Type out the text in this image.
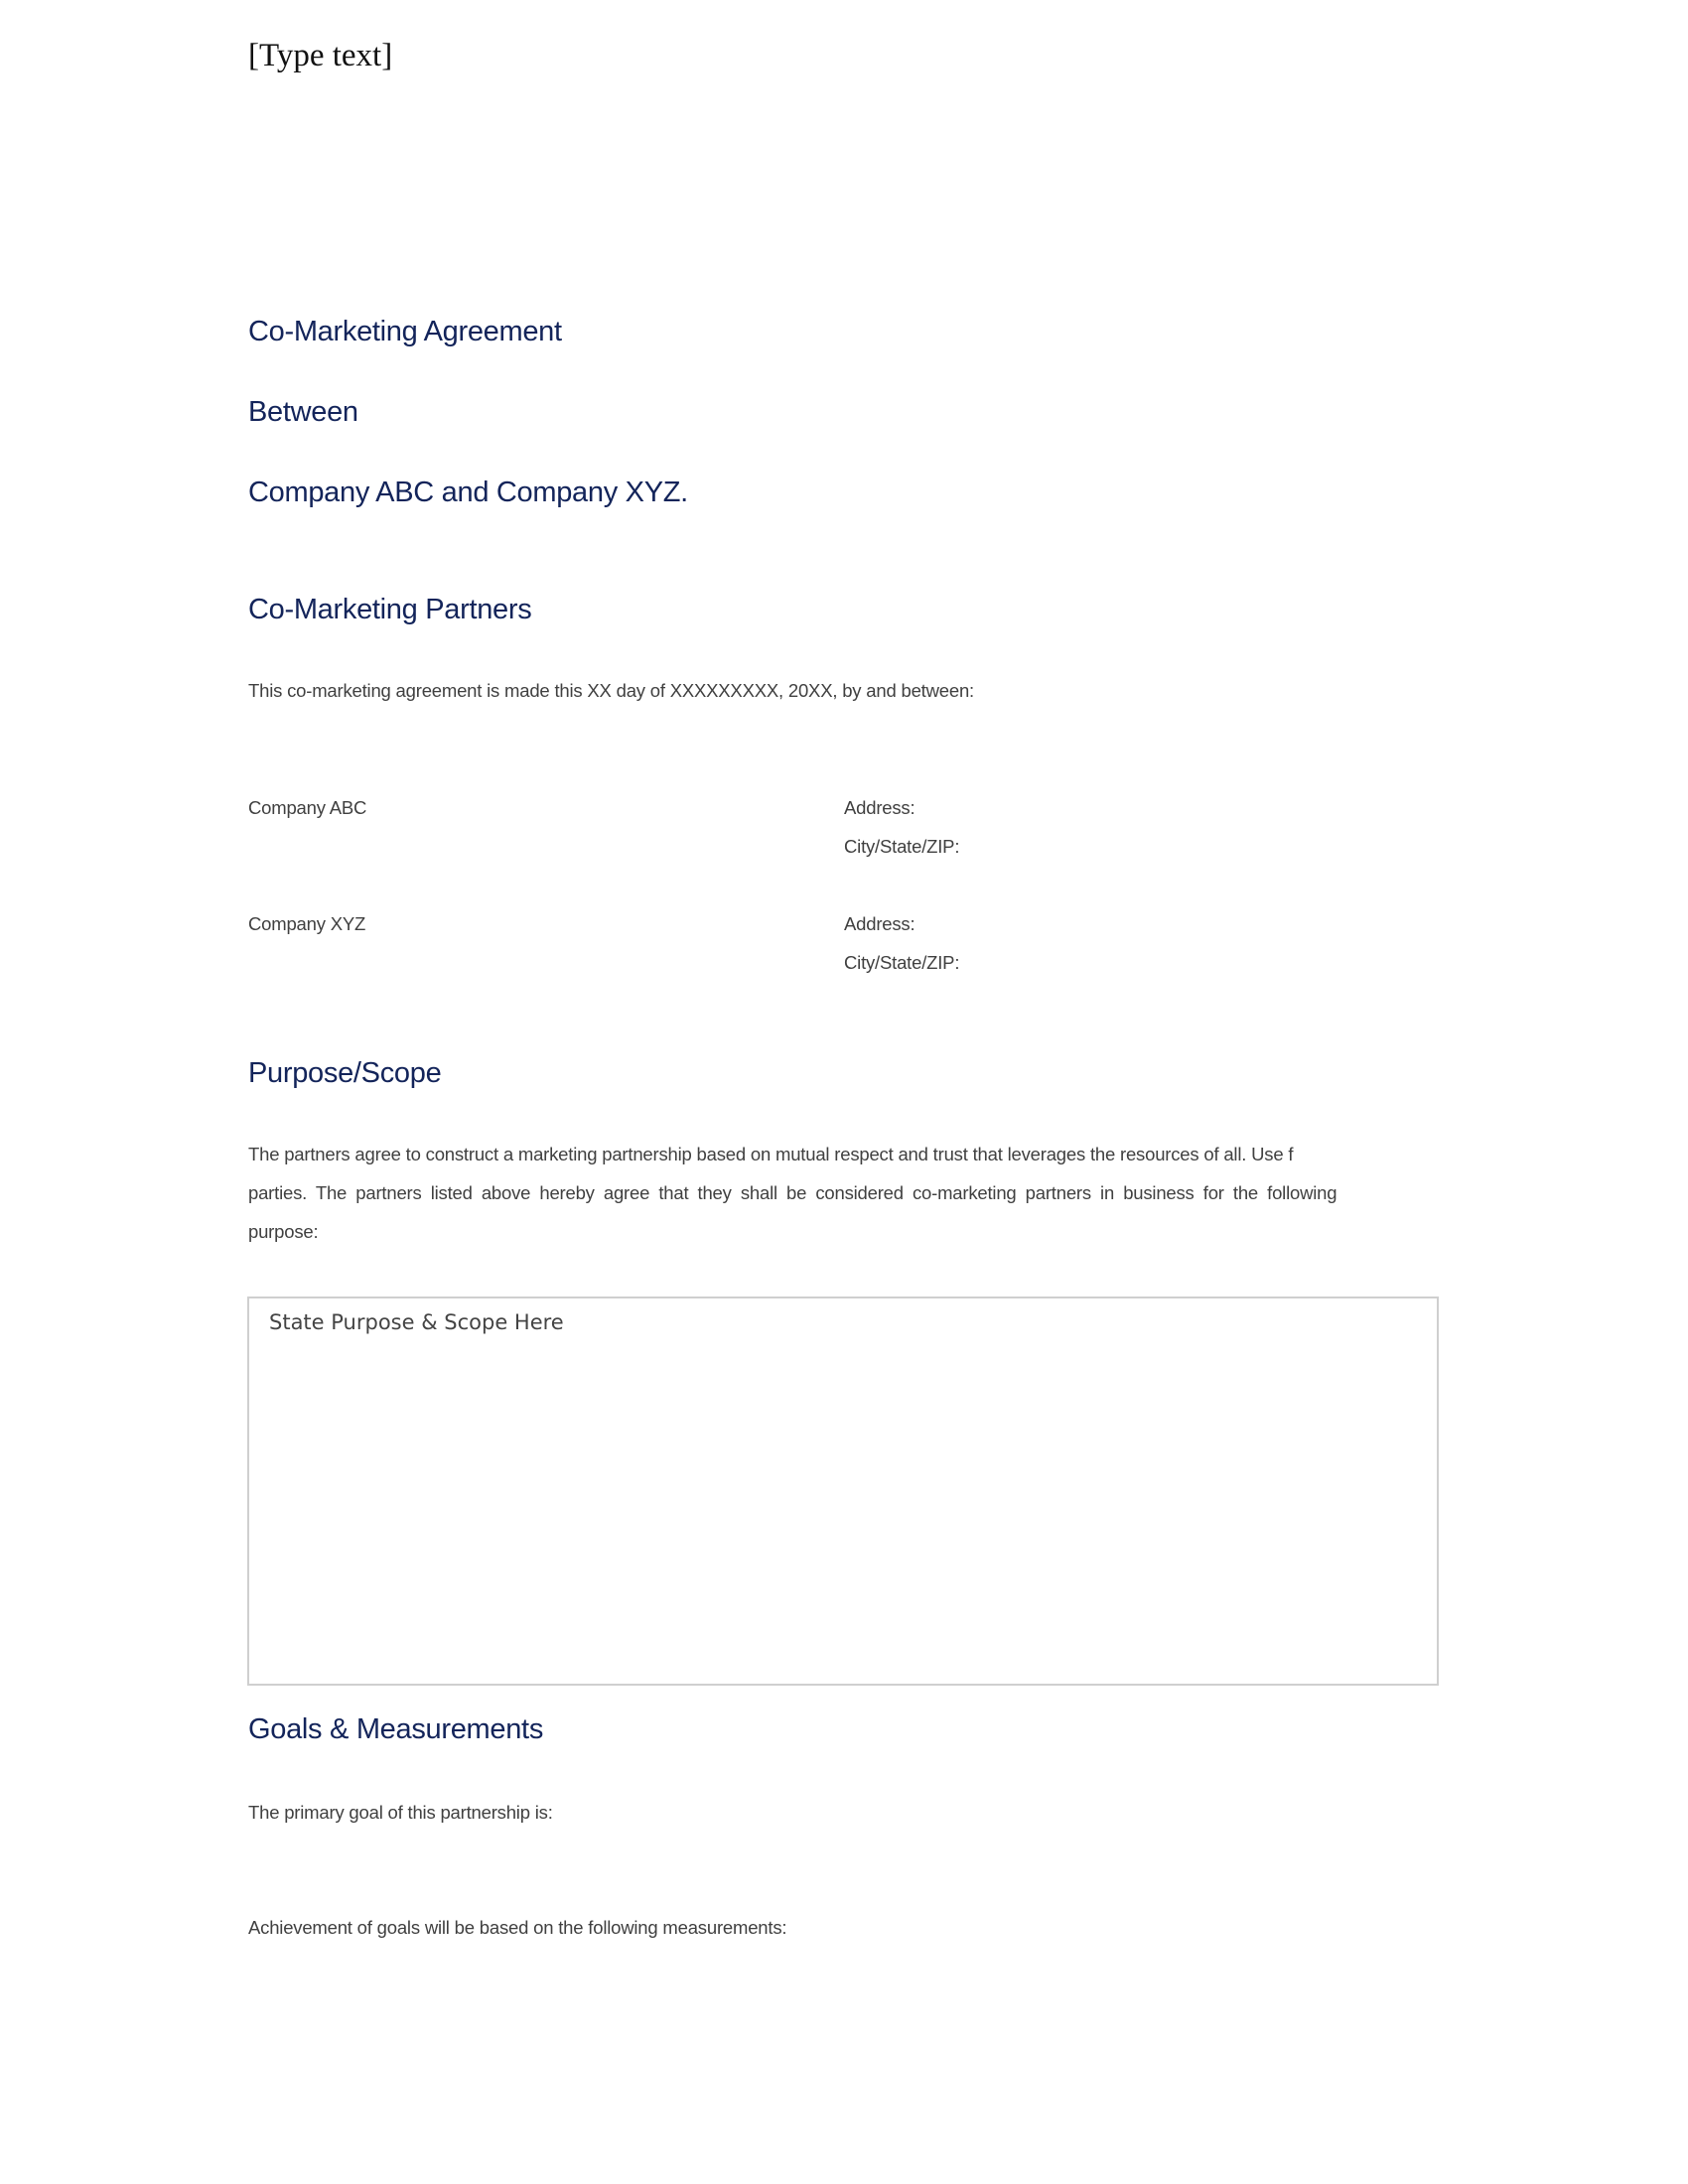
[Type text]
Co-Marketing Agreement
Between
Company ABC and Company XYZ.
Co-Marketing Partners
This co-marketing agreement is made this XX day of XXXXXXXXX, 20XX, by and between:
Company ABC	Address:
City/State/ZIP:
Company XYZ	Address:
City/State/ZIP:
Purpose/Scope
The partners agree to construct a marketing partnership based on mutual respect and trust that leverages the resources of all. Use f
parties. The partners listed above hereby agree that they shall be considered co-marketing partners in business for the following
purpose:
State Purpose & Scope Here
Goals & Measurements
The primary goal of this partnership is:
Achievement of goals will be based on the following measurements:
